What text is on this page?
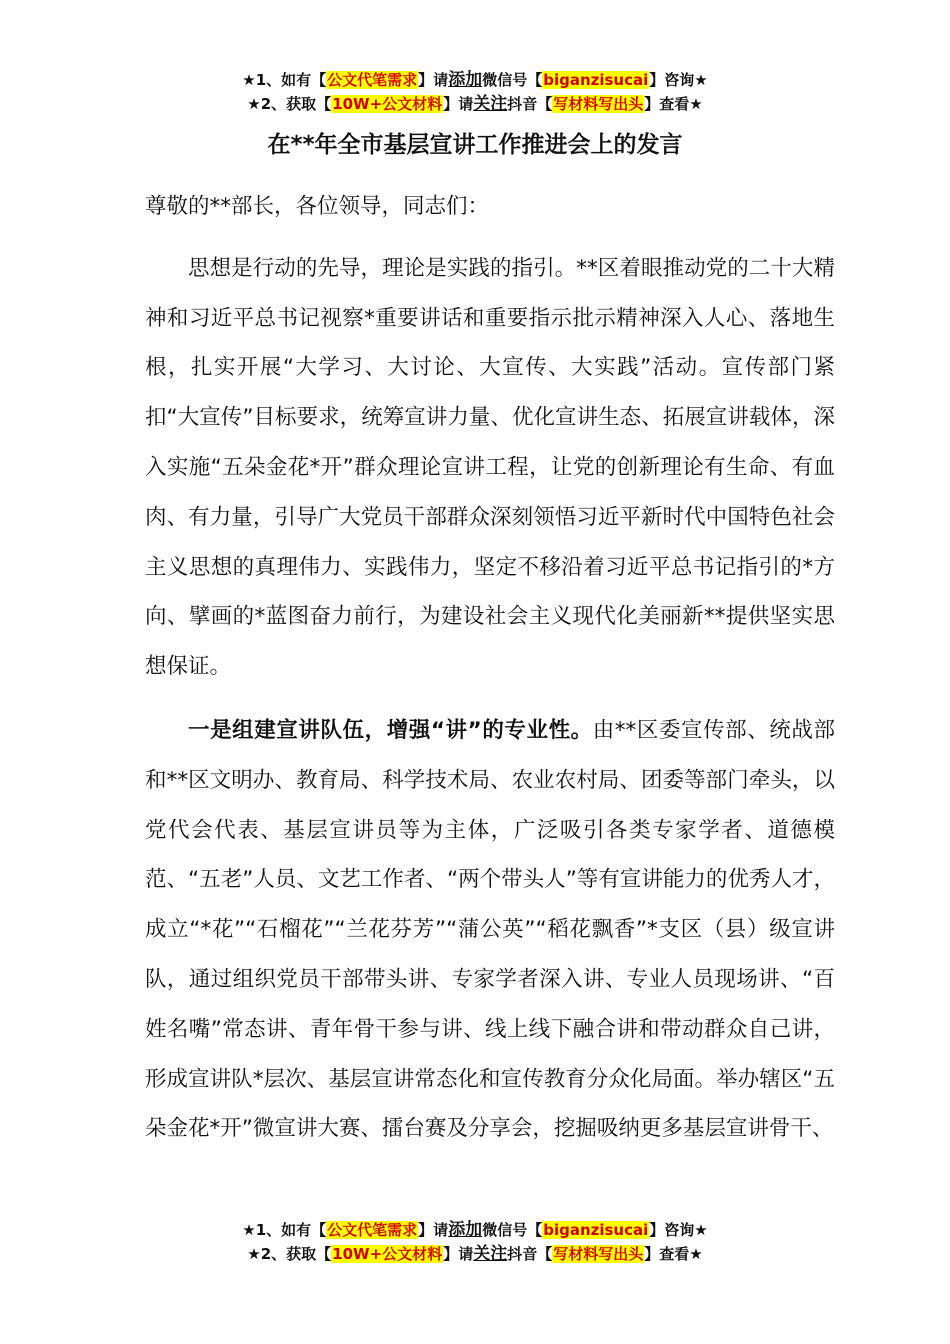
★1、如有【公文代笔需求】请添加微信号【biganzisucai】咨询★
★2、获取【10W+公文材料】请关注抖音【写材料写出头】查看★
在**年全市基层宣讲工作推进会上的发言

尊敬的**部长，各位领导，同志们：

思想是行动的先导，理论是实践的指引。**区着眼推动党的二十大精神和习近平总书记视察*重要讲话和重要指示批示精神深入人心、落地生根，扎实开展“大学习、大讨论、大宣传、大实践”活动。宣传部门紧扣“大宣传”目标要求，统筹宣讲力量、优化宣讲生态、拓展宣讲载体，深入实施“五朵金花*开”群众理论宣讲工程，让党的创新理论有生命、有血肉、有力量，引导广大党员干部群众深刻领悟习近平新时代中国特色社会主义思想的真理伟力、实践伟力，坚定不移沿着习近平总书记指引的*方向、擘画的*蓝图奋力前行，为建设社会主义现代化美丽新**提供坚实思想保证。

一是组建宣讲队伍，增强“讲”的专业性。由**区委宣传部、统战部和**区文明办、教育局、科学技术局、农业农村局、团委等部门牵头，以党代会代表、基层宣讲员等为主体，广泛吸引各类专家学者、道德模范、“五老”人员、文艺工作者、“两个带头人”等有宣讲能力的优秀人才，成立“*花”“石榴花”“兰花芬芳”“蒲公英”“稻花飘香”*支区（县）级宣讲队，通过组织党员干部带头讲、专家学者深入讲、专业人员现场讲、“百姓名嘴”常态讲、青年骨干参与讲、线上线下融合讲和带动群众自己讲，形成宣讲队*层次、基层宣讲常态化和宣传教育分众化局面。举办辖区“五朵金花*开”微宣讲大赛、擂台赛及分享会，挖掘吸纳更多基层宣讲骨干、

★1、如有【公文代笔需求】请添加微信号【biganzisucai】咨询★
★2、获取【10W+公文材料】请关注抖音【写材料写出头】查看★
